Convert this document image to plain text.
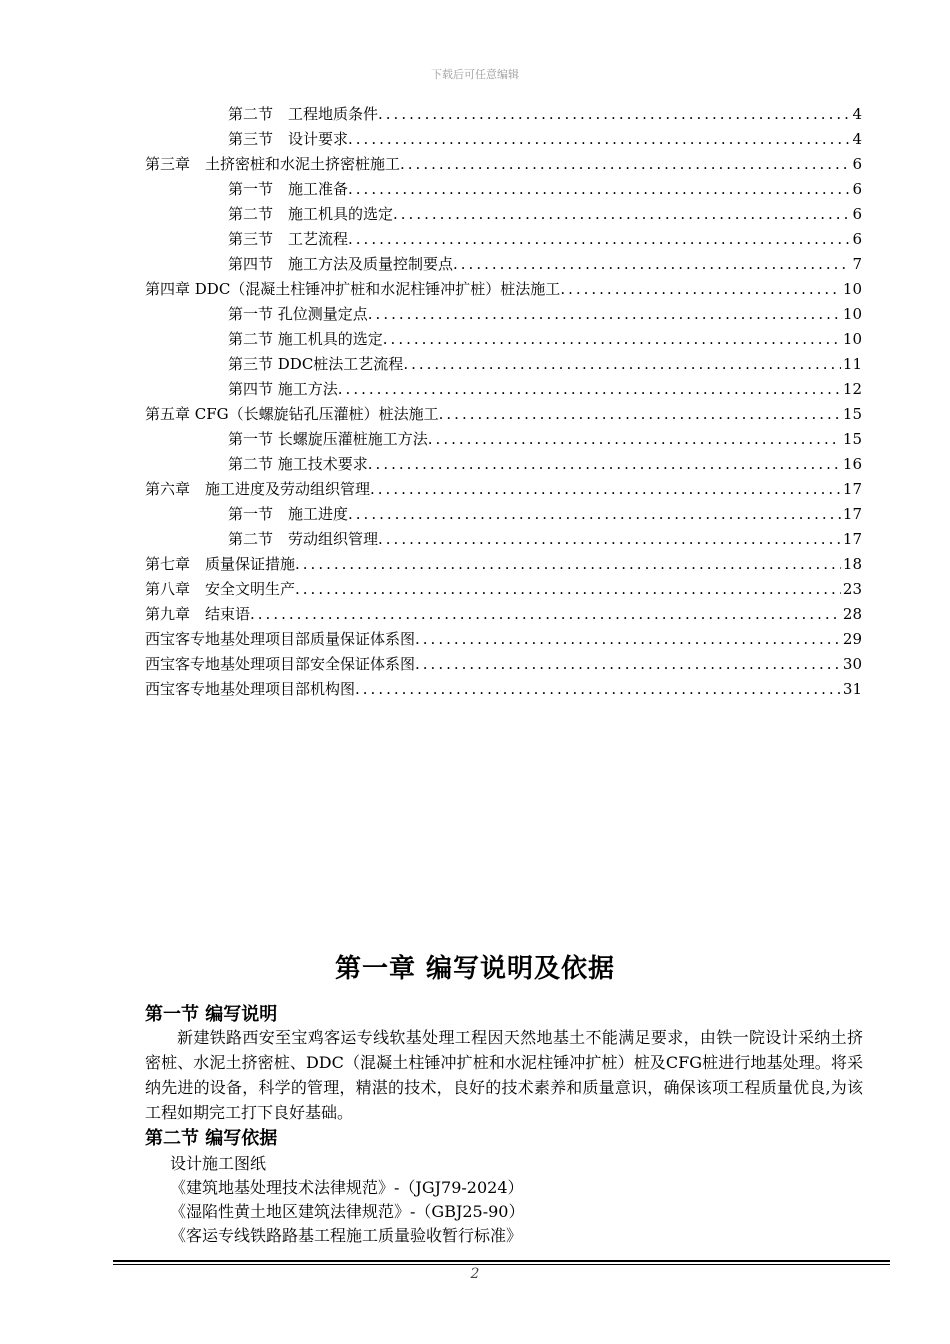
下载后可任意编辑
第二节　工程地质条件 .....	4
第三节　设计要求 .....	4
第三章　土挤密桩和水泥土挤密桩施工 .....	6
第一节　施工准备 .....	6
第二节　施工机具的选定 .....	6
第三节　工艺流程 .....	6
第四节　施工方法及质量控制要点 .....	7
第四章 DDC（混凝土柱锤冲扩桩和水泥柱锤冲扩桩）桩法施工 .....	10
第一节 孔位测量定点 .....	10
第二节 施工机具的选定 .....	10
第三节 DDC桩法工艺流程 .....	11
第四节 施工方法 .....	12
第五章 CFG（长螺旋钻孔压灌桩）桩法施工 .....	15
第一节 长螺旋压灌桩施工方法 .....	15
第二节 施工技术要求 .....	16
第六章　施工进度及劳动组织管理 .....	17
第一节　施工进度 .....	17
第二节　劳动组织管理 .....	17
第七章　质量保证措施 .....	18
第八章　安全文明生产 .....	23
第九章　结束语 .....	28
西宝客专地基处理项目部质量保证体系图 .....	29
西宝客专地基处理项目部安全保证体系图 .....	30
西宝客专地基处理项目部机构图 .....	31
第一章 编写说明及依据
第一节 编写说明
新建铁路西安至宝鸡客运专线软基处理工程因天然地基土不能满足要求，由铁一院设计采纳土挤密桩、水泥土挤密桩、DDC（混凝土柱锤冲扩桩和水泥柱锤冲扩桩）桩及CFG桩进行地基处理。将采纳先进的设备，科学的管理，精湛的技术，良好的技术素养和质量意识，确保该项工程质量优良,为该工程如期完工打下良好基础。
第二节 编写依据
设计施工图纸
《建筑地基处理技术法律规范》-（JGJ79-2024）
《湿陷性黄土地区建筑法律规范》-（GBJ25-90）
《客运专线铁路路基工程施工质量验收暂行标准》
2
